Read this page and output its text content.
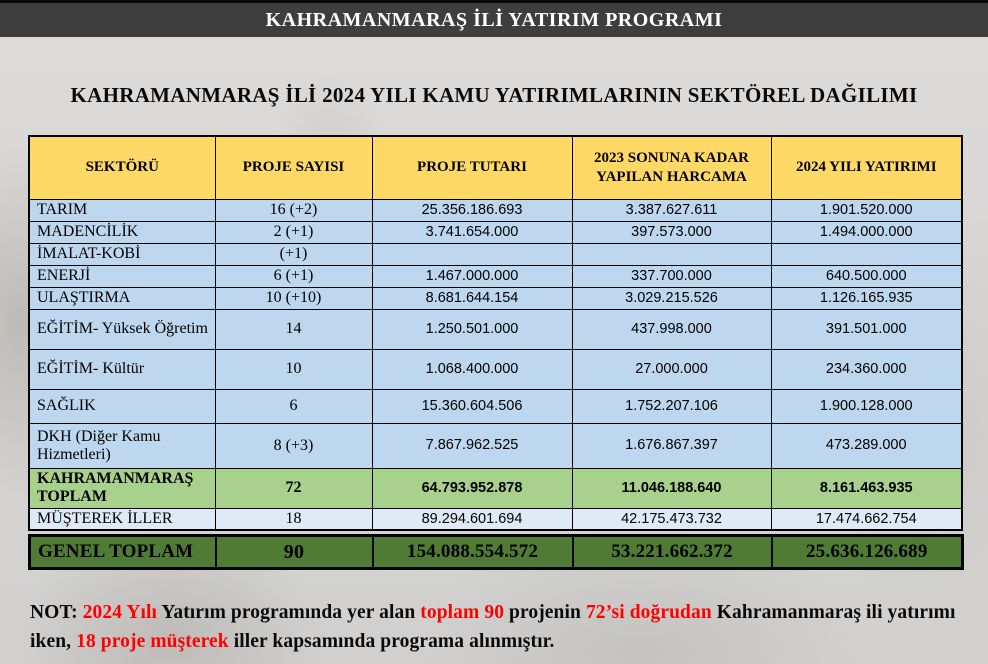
KAHRAMANMARAŞ İLİ YATIRIM PROGRAMI
KAHRAMANMARAŞ İLİ 2024 YILI KAMU YATIRIMLARININ SEKTÖREL DAĞILIMI
SEKTÖRÜ	PROJE SAYISI	PROJE TUTARI	2023 SONUNA KADAR YAPILAN HARCAMA	2024 YILI YATIRIMI
TARIM	16 (+2)	25.356.186.693	3.387.627.611	1.901.520.000
MADENCİLİK	2 (+1)	3.741.654.000	397.573.000	1.494.000.000
İMALAT-KOBİ	(+1)			
ENERJİ	6 (+1)	1.467.000.000	337.700.000	640.500.000
ULAŞTIRMA	10 (+10)	8.681.644.154	3.029.215.526	1.126.165.935
EĞİTİM- Yüksek Öğretim	14	1.250.501.000	437.998.000	391.501.000
EĞİTİM- Kültür	10	1.068.400.000	27.000.000	234.360.000
SAĞLIK	6	15.360.604.506	1.752.207.106	1.900.128.000
DKH (Diğer Kamu Hizmetleri)	8 (+3)	7.867.962.525	1.676.867.397	473.289.000
KAHRAMANMARAŞ TOPLAM	72	64.793.952.878	11.046.188.640	8.161.463.935
MÜŞTEREK İLLER	18	89.294.601.694	42.175.473.732	17.474.662.754
GENEL TOPLAM	90	154.088.554.572	53.221.662.372	25.636.126.689
NOT: 2024 Yılı Yatırım programında yer alan toplam 90 projenin 72’si doğrudan Kahramanmaraş ili yatırımı iken, 18 proje müşterek iller kapsamında programa alınmıştır.
